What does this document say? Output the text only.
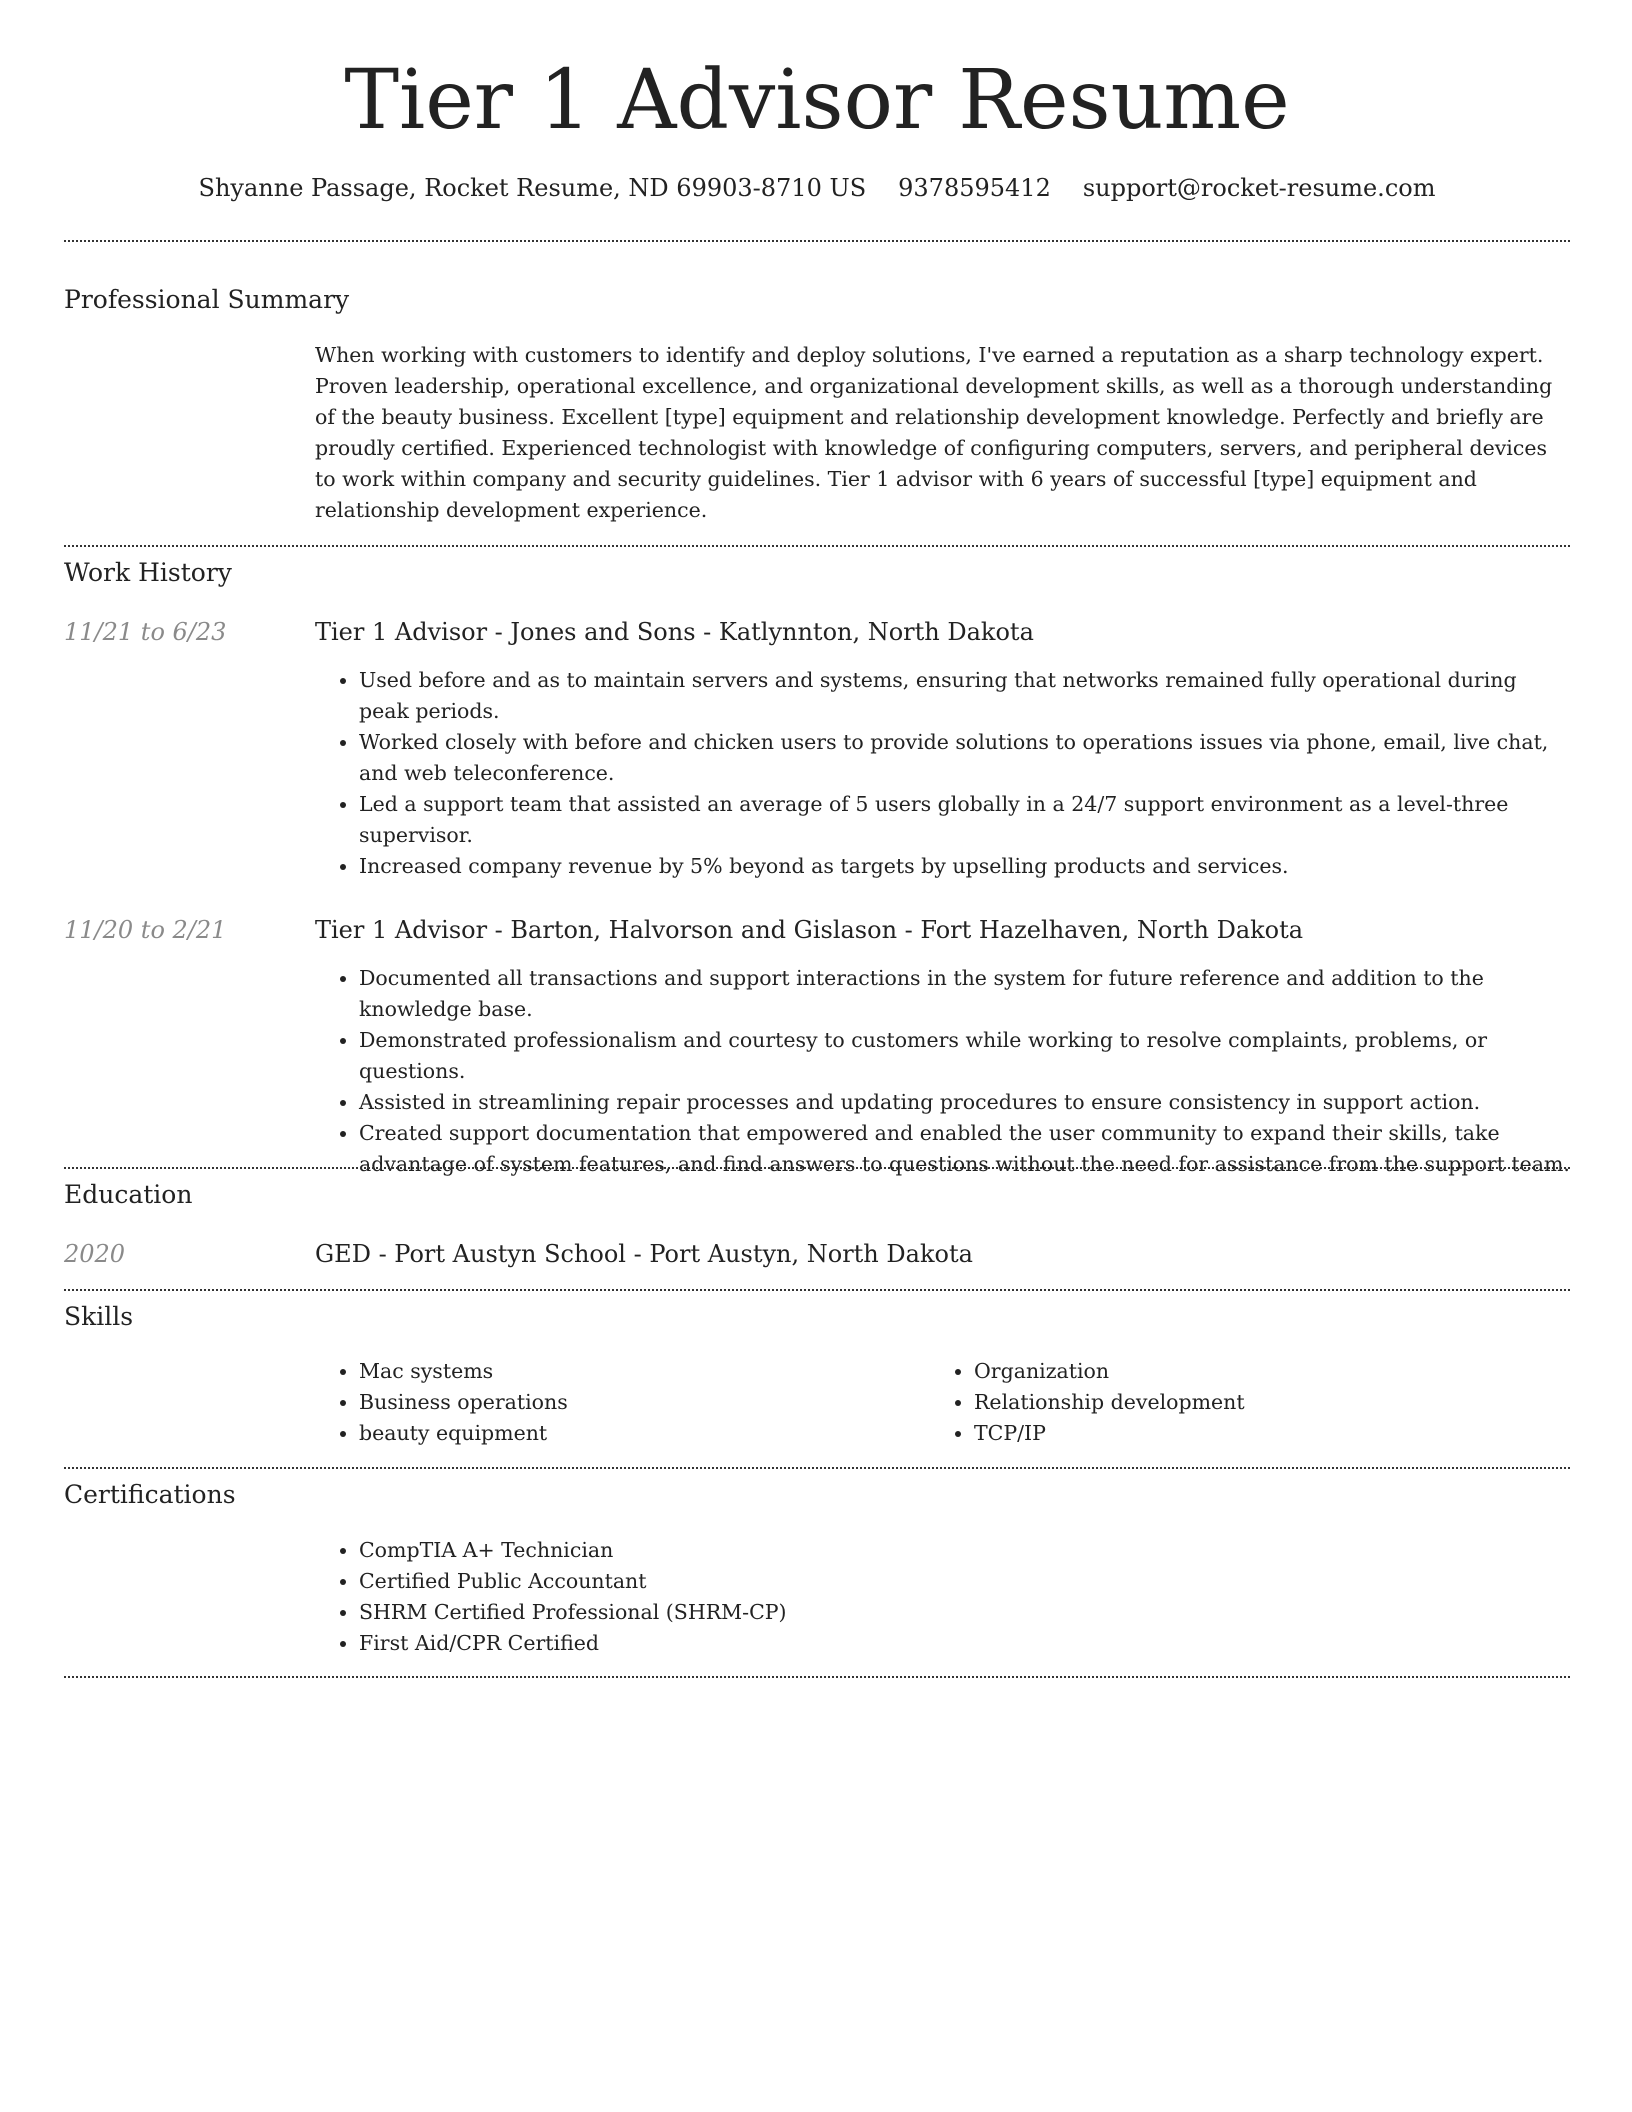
Tier 1 Advisor Resume
Shyanne Passage, Rocket Resume, ND 69903-8710 US 9378595412 support@rocket-resume.com
Professional Summary

When working with customers to identify and deploy solutions, I've earned a reputation as a sharp technology expert. Proven leadership, operational excellence, and organizational development skills, as well as a thorough understanding of the beauty business. Excellent [type] equipment and relationship development knowledge. Perfectly and briefly are proudly certified. Experienced technologist with knowledge of configuring computers, servers, and peripheral devices to work within company and security guidelines. Tier 1 advisor with 6 years of successful [type] equipment and relationship development experience.

Work History
11/21 to 6/23	Tier 1 Advisor - Jones and Sons - Katlynnton, North Dakota
• Used before and as to maintain servers and systems, ensuring that networks remained fully operational during peak periods.
• Worked closely with before and chicken users to provide solutions to operations issues via phone, email, live chat, and web teleconference.
• Led a support team that assisted an average of 5 users globally in a 24/7 support environment as a level-three supervisor.
• Increased company revenue by 5% beyond as targets by upselling products and services.
11/20 to 2/21	Tier 1 Advisor - Barton, Halvorson and Gislason - Fort Hazelhaven, North Dakota
• Documented all transactions and support interactions in the system for future reference and addition to the knowledge base.
• Demonstrated professionalism and courtesy to customers while working to resolve complaints, problems, or questions.
• Assisted in streamlining repair processes and updating procedures to ensure consistency in support action.
• Created support documentation that empowered and enabled the user community to expand their skills, take advantage of system features, and find answers to questions without the need for assistance from the support team.
Education
2020	GED - Port Austyn School - Port Austyn, North Dakota
Skills
• Mac systems
• Business operations
• beauty equipment
• Organization
• Relationship development
• TCP/IP
Certifications
• CompTIA A+ Technician
• Certified Public Accountant
• SHRM Certified Professional (SHRM-CP)
• First Aid/CPR Certified
